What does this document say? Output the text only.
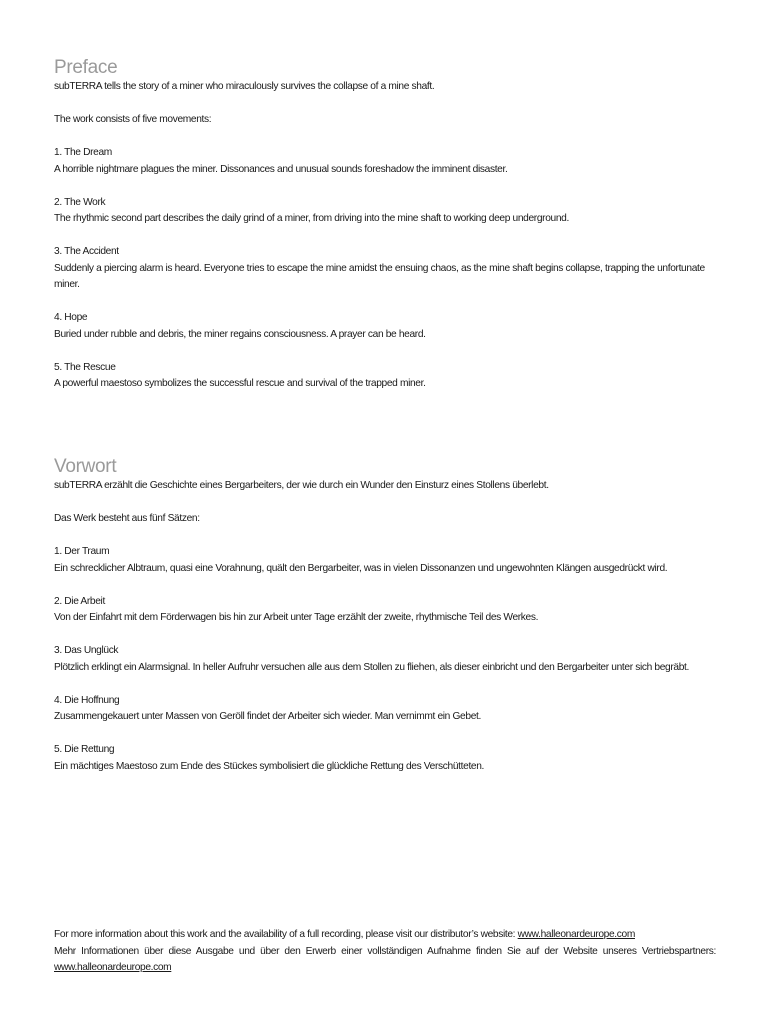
Preface
subTERRA tells the story of a miner who miraculously survives the collapse of a mine shaft.
The work consists of five movements:
1. The Dream
A horrible nightmare plagues the miner. Dissonances and unusual sounds foreshadow the imminent disaster.
2. The Work
The rhythmic second part describes the daily grind of a miner, from driving into the mine shaft to working deep underground.
3. The Accident
Suddenly a piercing alarm is heard. Everyone tries to escape the mine amidst the ensuing chaos, as the mine shaft begins collapse, trapping the unfortunate miner.
4. Hope
Buried under rubble and debris, the miner regains consciousness. A prayer can be heard.
5. The Rescue
A powerful maestoso symbolizes the successful rescue and survival of the trapped miner.
Vorwort
subTERRA erzählt die Geschichte eines Bergarbeiters, der wie durch ein Wunder den Einsturz eines Stollens überlebt.
Das Werk besteht aus fünf Sätzen:
1. Der Traum
Ein schrecklicher Albtraum, quasi eine Vorahnung, quält den Bergarbeiter, was in vielen Dissonanzen und ungewohnten Klängen ausgedrückt wird.
2. Die Arbeit
Von der Einfahrt mit dem Förderwagen bis hin zur Arbeit unter Tage erzählt der zweite, rhythmische Teil des Werkes.
3. Das Unglück
Plötzlich erklingt ein Alarmsignal. In heller Aufruhr versuchen alle aus dem Stollen zu fliehen, als dieser einbricht und den Bergarbeiter unter sich begräbt.
4. Die Hoffnung
Zusammengekauert unter Massen von Geröll findet der Arbeiter sich wieder. Man vernimmt ein Gebet.
5. Die Rettung
Ein mächtiges Maestoso zum Ende des Stückes symbolisiert die glückliche Rettung des Verschütteten.
For more information about this work and the availability of a full recording, please visit our distributor’s website: www.halleonardeurope.com
Mehr Informationen über diese Ausgabe und über den Erwerb einer vollständigen Aufnahme finden Sie auf der Website unseres Vertriebspartners: www.halleonardeurope.com
